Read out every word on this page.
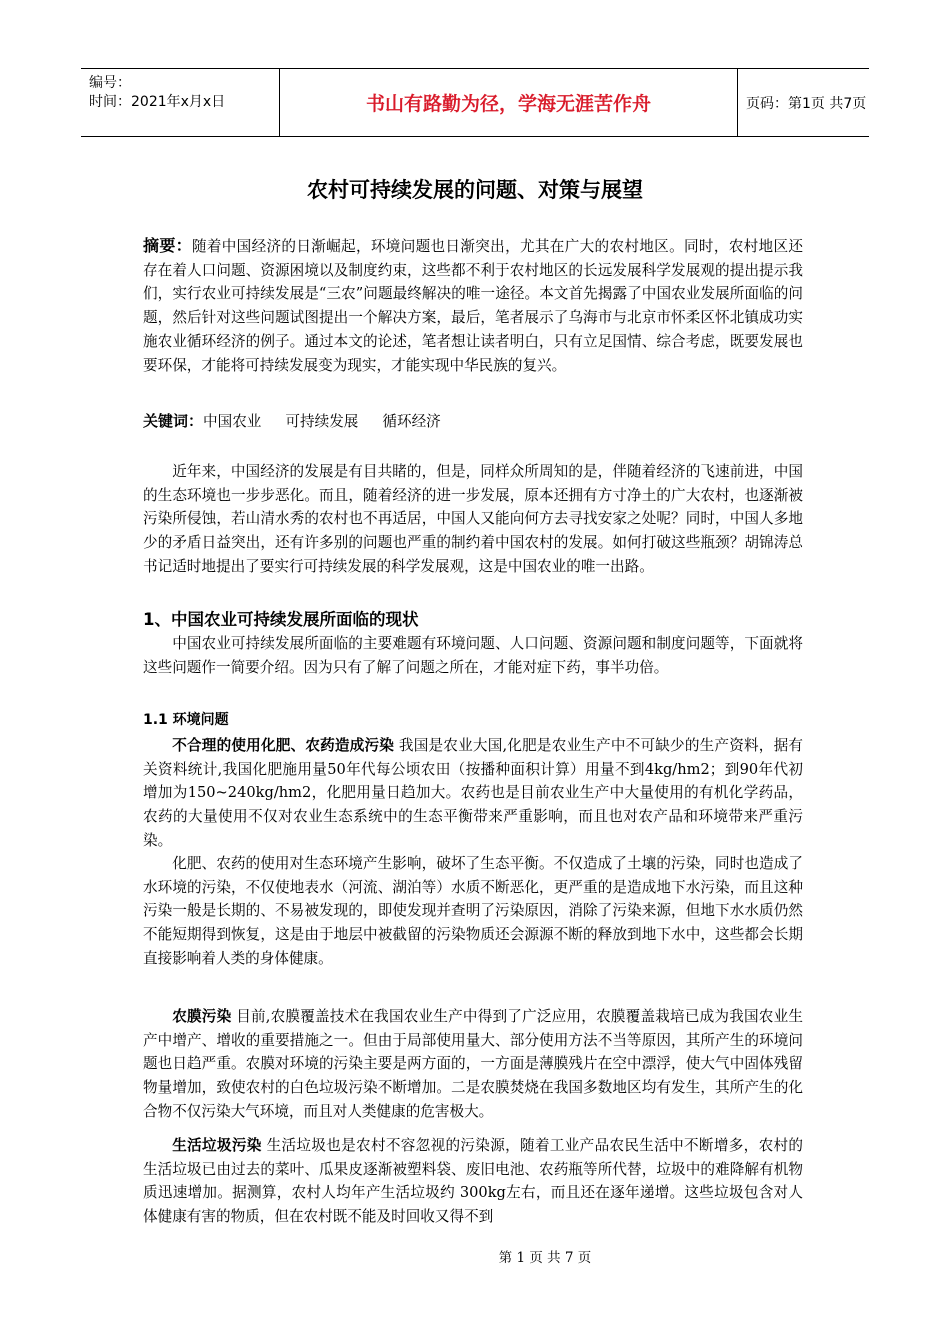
编号：
时间：2021年x月x日	书山有路勤为径，学海无涯苦作舟	页码：第1页 共7页
农村可持续发展的问题、对策与展望
摘要：随着中国经济的日渐崛起，环境问题也日渐突出，尤其在广大的农村地区。同时，农村地区还存在着人口问题、资源困境以及制度约束，这些都不利于农村地区的长远发展科学发展观的提出提示我们，实行农业可持续发展是“三农”问题最终解决的唯一途径。本文首先揭露了中国农业发展所面临的问题，然后针对这些问题试图提出一个解决方案，最后，笔者展示了乌海市与北京市怀柔区怀北镇成功实施农业循环经济的例子。通过本文的论述，笔者想让读者明白，只有立足国情、综合考虑，既要发展也要环保，才能将可持续发展变为现实，才能实现中华民族的复兴。
关键词：中国农业 可持续发展 循环经济
近年来，中国经济的发展是有目共睹的，但是，同样众所周知的是，伴随着经济的飞速前进，中国的生态环境也一步步恶化。而且，随着经济的进一步发展，原本还拥有方寸净土的广大农村，也逐渐被污染所侵蚀，若山清水秀的农村也不再适居，中国人又能向何方去寻找安家之处呢？同时，中国人多地少的矛盾日益突出，还有许多别的问题也严重的制约着中国农村的发展。如何打破这些瓶颈？胡锦涛总书记适时地提出了要实行可持续发展的科学发展观，这是中国农业的唯一出路。
1、中国农业可持续发展所面临的现状
中国农业可持续发展所面临的主要难题有环境问题、人口问题、资源问题和制度问题等，下面就将这些问题作一简要介绍。因为只有了解了问题之所在，才能对症下药，事半功倍。
1.1 环境问题
不合理的使用化肥、农药造成污染 我国是农业大国,化肥是农业生产中不可缺少的生产资料，据有关资料统计,我国化肥施用量50年代每公顷农田（按播种面积计算）用量不到4kg/hm2；到90年代初增加为150~240kg/hm2，化肥用量日趋加大。农药也是目前农业生产中大量使用的有机化学药品，农药的大量使用不仅对农业生态系统中的生态平衡带来严重影响，而且也对农产品和环境带来严重污染。
化肥、农药的使用对生态环境产生影响，破坏了生态平衡。不仅造成了土壤的污染，同时也造成了水环境的污染，不仅使地表水（河流、湖泊等）水质不断恶化，更严重的是造成地下水污染，而且这种污染一般是长期的、不易被发现的，即使发现并查明了污染原因，消除了污染来源，但地下水水质仍然不能短期得到恢复，这是由于地层中被截留的污染物质还会源源不断的释放到地下水中，这些都会长期直接影响着人类的身体健康。
农膜污染 目前,农膜覆盖技术在我国农业生产中得到了广泛应用，农膜覆盖栽培已成为我国农业生产中增产、增收的重要措施之一。但由于局部使用量大、部分使用方法不当等原因，其所产生的环境问题也日趋严重。农膜对环境的污染主要是两方面的，一方面是薄膜残片在空中漂浮，使大气中固体残留物量增加，致使农村的白色垃圾污染不断增加。二是农膜焚烧在我国多数地区均有发生，其所产生的化合物不仅污染大气环境，而且对人类健康的危害极大。
生活垃圾污染 生活垃圾也是农村不容忽视的污染源，随着工业产品农民生活中不断增多，农村的生活垃圾已由过去的菜叶、瓜果皮逐渐被塑料袋、废旧电池、农药瓶等所代替，垃圾中的难降解有机物质迅速增加。据测算，农村人均年产生活垃圾约 300kg左右，而且还在逐年递增。这些垃圾包含对人体健康有害的物质，但在农村既不能及时回收又得不到
第 1 页 共 7 页
